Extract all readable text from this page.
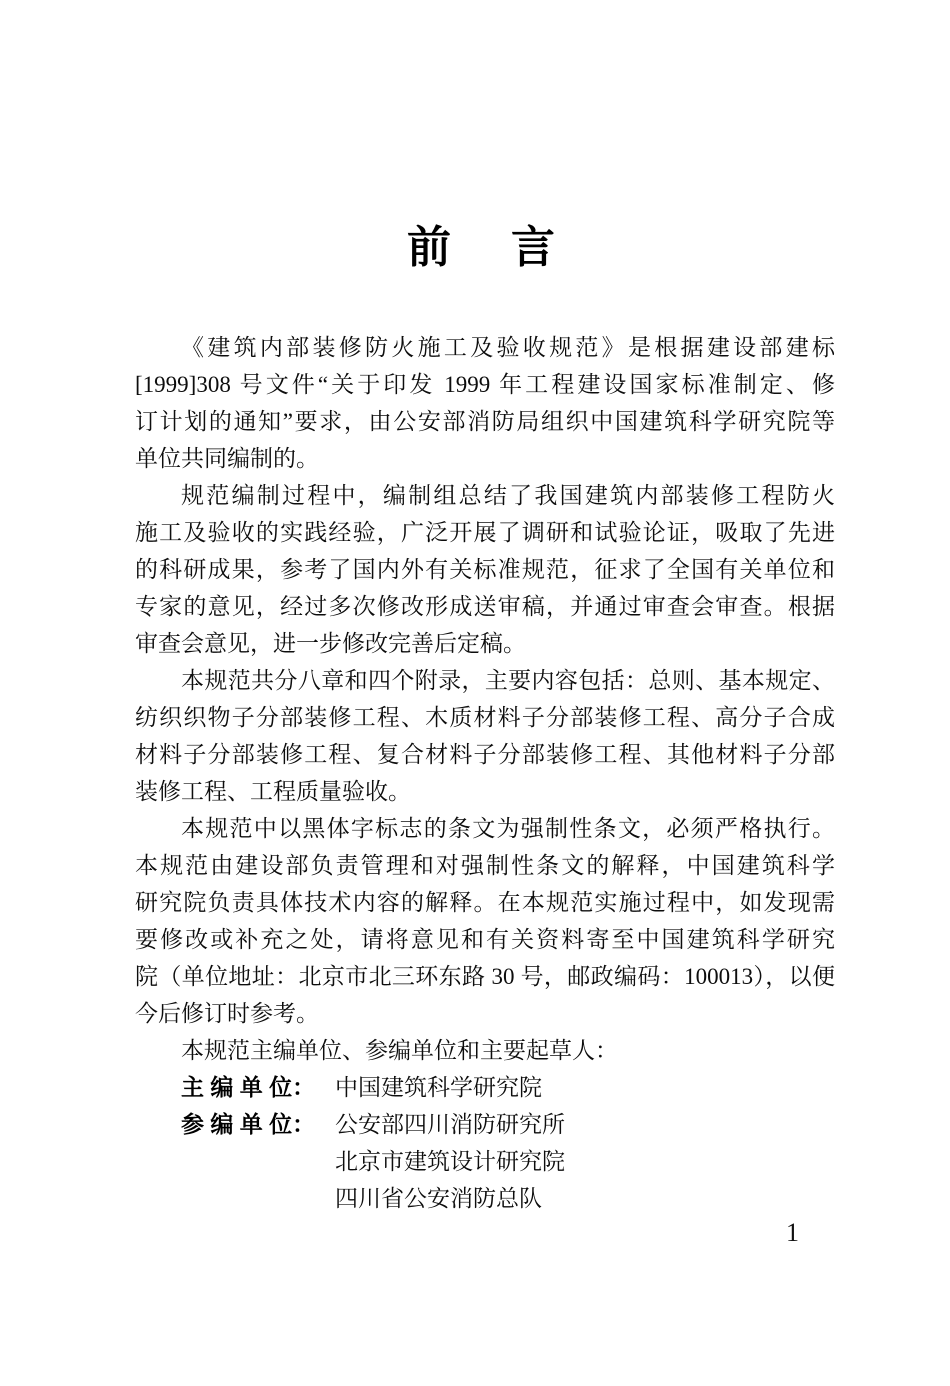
前　言
《建筑内部装修防火施工及验收规范》是根据建设部建标
[1999]308 号文件“关于印发 1999 年工程建设国家标准制定、修
订计划的通知”要求，由公安部消防局组织中国建筑科学研究院等
单位共同编制的。
规范编制过程中，编制组总结了我国建筑内部装修工程防火
施工及验收的实践经验，广泛开展了调研和试验论证，吸取了先进
的科研成果，参考了国内外有关标准规范，征求了全国有关单位和
专家的意见，经过多次修改形成送审稿，并通过审查会审查。根据
审查会意见，进一步修改完善后定稿。
本规范共分八章和四个附录，主要内容包括：总则、基本规定、
纺织织物子分部装修工程、木质材料子分部装修工程、高分子合成
材料子分部装修工程、复合材料子分部装修工程、其他材料子分部
装修工程、工程质量验收。
本规范中以黑体字标志的条文为强制性条文，必须严格执行。
本规范由建设部负责管理和对强制性条文的解释，中国建筑科学
研究院负责具体技术内容的解释。在本规范实施过程中，如发现需
要修改或补充之处，请将意见和有关资料寄至中国建筑科学研究
院（单位地址：北京市北三环东路 30 号，邮政编码：100013），以便
今后修订时参考。
本规范主编单位、参编单位和主要起草人：
主 编 单 位： 中国建筑科学研究院
参 编 单 位： 公安部四川消防研究所
北京市建筑设计研究院
四川省公安消防总队
1
